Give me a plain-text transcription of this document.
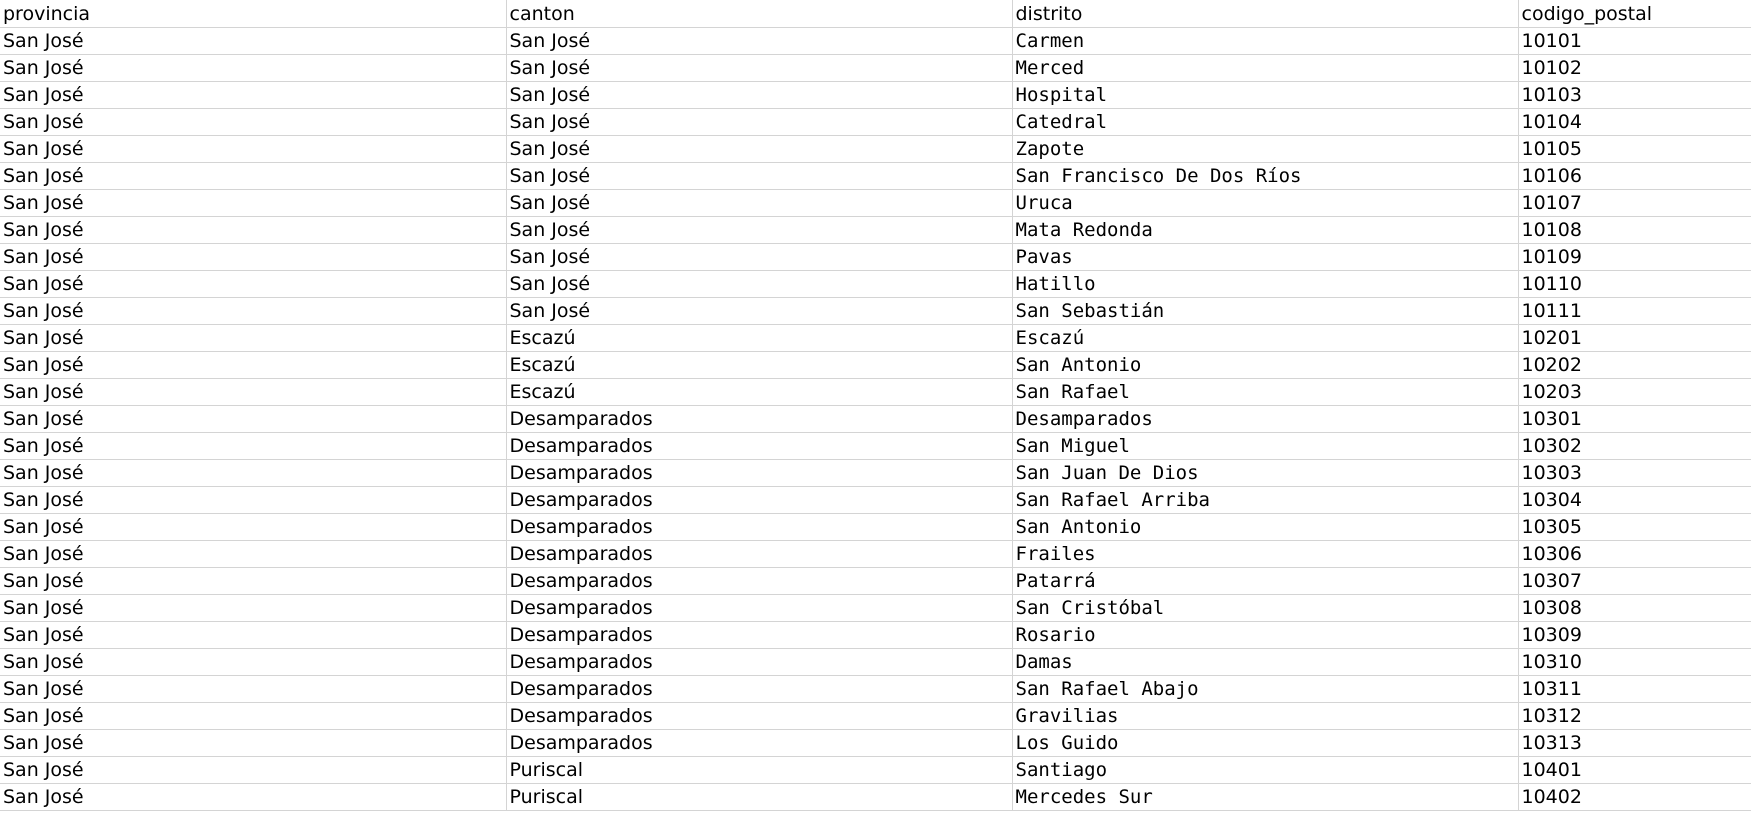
provincia	canton	distrito	codigo_postal
San José	San José	Carmen	10101
San José	San José	Merced	10102
San José	San José	Hospital	10103
San José	San José	Catedral	10104
San José	San José	Zapote	10105
San José	San José	San Francisco De Dos Ríos	10106
San José	San José	Uruca	10107
San José	San José	Mata Redonda	10108
San José	San José	Pavas	10109
San José	San José	Hatillo	10110
San José	San José	San Sebastián	10111
San José	Escazú	Escazú	10201
San José	Escazú	San Antonio	10202
San José	Escazú	San Rafael	10203
San José	Desamparados	Desamparados	10301
San José	Desamparados	San Miguel	10302
San José	Desamparados	San Juan De Dios	10303
San José	Desamparados	San Rafael Arriba	10304
San José	Desamparados	San Antonio	10305
San José	Desamparados	Frailes	10306
San José	Desamparados	Patarrá	10307
San José	Desamparados	San Cristóbal	10308
San José	Desamparados	Rosario	10309
San José	Desamparados	Damas	10310
San José	Desamparados	San Rafael Abajo	10311
San José	Desamparados	Gravilias	10312
San José	Desamparados	Los Guido	10313
San José	Puriscal	Santiago	10401
San José	Puriscal	Mercedes Sur	10402
